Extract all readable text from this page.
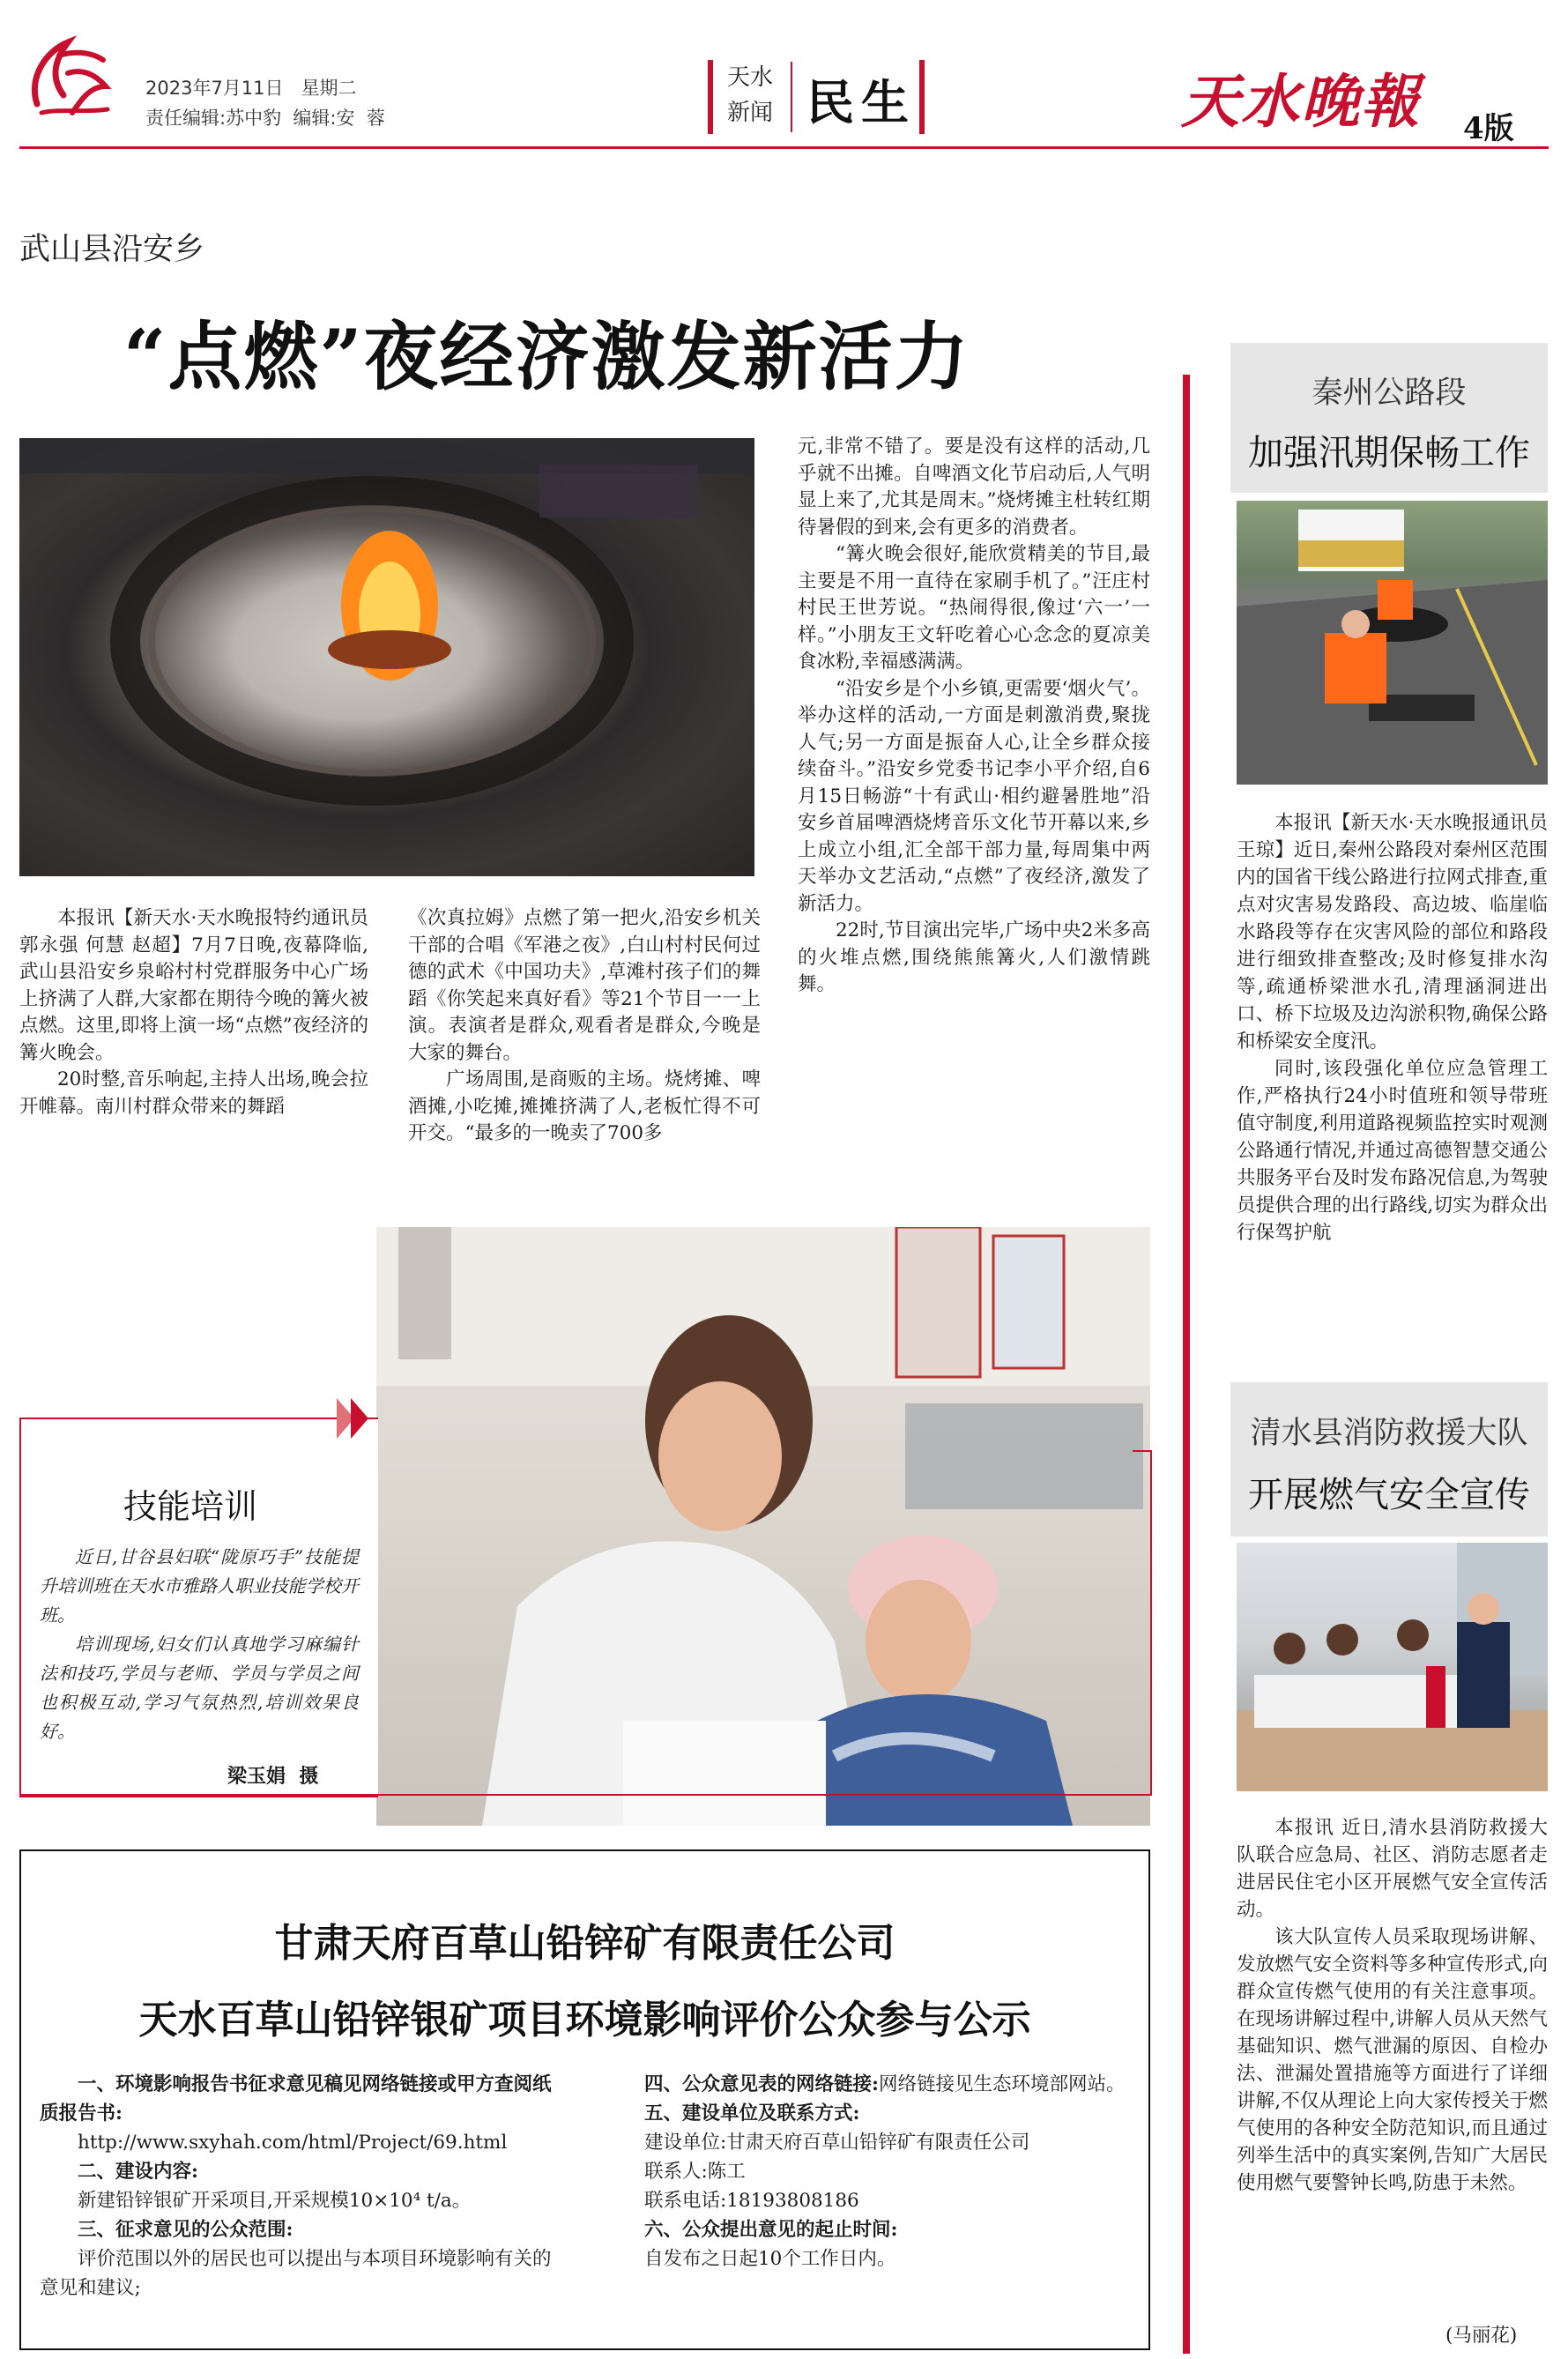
2023年7月11日 星期二
责任编辑:苏中豹  编辑:安  蓉
天水
新闻 民生	天水晚報 4版
武山县沿安乡
“点燃”夜经济激发新活力

本报讯【新天水·天水晚报特约通讯员郭永强 何慧 赵超】7月7日晚,夜幕降临,武山县沿安乡泉峪村村党群服务中心广场上挤满了人群,大家都在期待今晚的篝火被点燃。这里,即将上演一场“点燃”夜经济的篝火晚会。

20时整,音乐响起,主持人出场,晚会拉开帷幕。南川村群众带来的舞蹈

《次真拉姆》点燃了第一把火,沿安乡机关干部的合唱《军港之夜》,白山村村民何过德的武术《中国功夫》,草滩村孩子们的舞蹈《你笑起来真好看》等21个节目一一上演。表演者是群众,观看者是群众,今晚是大家的舞台。

广场周围,是商贩的主场。烧烤摊、啤酒摊,小吃摊,摊摊挤满了人,老板忙得不可开交。“最多的一晚卖了700多

元,非常不错了。要是没有这样的活动,几乎就不出摊。自啤酒文化节启动后,人气明显上来了,尤其是周末。”烧烤摊主杜转红期待暑假的到来,会有更多的消费者。

“篝火晚会很好,能欣赏精美的节目,最主要是不用一直待在家刷手机了。”汪庄村村民王世芳说。“热闹得很,像过‘六一’一样。”小朋友王文轩吃着心心念念的夏凉美食冰粉,幸福感满满。

“沿安乡是个小乡镇,更需要‘烟火气’。举办这样的活动,一方面是刺激消费,聚拢人气;另一方面是振奋人心,让全乡群众接续奋斗。”沿安乡党委书记李小平介绍,自6月15日畅游“十有武山·相约避暑胜地”沿安乡首届啤酒烧烤音乐文化节开幕以来,乡上成立小组,汇全部干部力量,每周集中两天举办文艺活动,“点燃”了夜经济,激发了新活力。

22时,节目演出完毕,广场中央2米多高的火堆点燃,围绕熊熊篝火,人们激情跳舞。

技能培训

近日,甘谷县妇联“陇原巧手”技能提升培训班在天水市雅路人职业技能学校开班。

培训现场,妇女们认真地学习麻编针法和技巧,学员与老师、学员与学员之间也积极互动,学习气氛热烈,培训效果良好。

梁玉娟  摄
甘肃天府百草山铅锌矿有限责任公司
天水百草山铅锌银矿项目环境影响评价公众参与公示
一、环境影响报告书征求意见稿见网络链接或甲方查阅纸质报告书:
http://www.sxyhah.com/html/Project/69.html
二、建设内容:
新建铅锌银矿开采项目,开采规模10×10⁴ t/a。
三、征求意见的公众范围:
评价范围以外的居民也可以提出与本项目环境影响有关的意见和建议;
四、公众意见表的网络链接:网络链接见生态环境部网站。
五、建设单位及联系方式:
建设单位:甘肃天府百草山铅锌矿有限责任公司
联系人:陈工
联系电话:18193808186
六、公众提出意见的起止时间:
自发布之日起10个工作日内。
秦州公路段
加强汛期保畅工作

本报讯【新天水·天水晚报通讯员王琼】近日,秦州公路段对秦州区范围内的国省干线公路进行拉网式排查,重点对灾害易发路段、高边坡、临崖临水路段等存在灾害风险的部位和路段进行细致排查整改;及时修复排水沟等,疏通桥梁泄水孔,清理涵洞进出口、桥下垃圾及边沟淤积物,确保公路和桥梁安全度汛。

同时,该段强化单位应急管理工作,严格执行24小时值班和领导带班值守制度,利用道路视频监控实时观测公路通行情况,并通过高德智慧交通公共服务平台及时发布路况信息,为驾驶员提供合理的出行路线,切实为群众出行保驾护航

清水县消防救援大队
开展燃气安全宣传

本报讯 近日,清水县消防救援大队联合应急局、社区、消防志愿者走进居民住宅小区开展燃气安全宣传活动。

该大队宣传人员采取现场讲解、发放燃气安全资料等多种宣传形式,向群众宣传燃气使用的有关注意事项。在现场讲解过程中,讲解人员从天然气基础知识、燃气泄漏的原因、自检办法、泄漏处置措施等方面进行了详细讲解,不仅从理论上向大家传授关于燃气使用的各种安全防范知识,而且通过列举生活中的真实案例,告知广大居民使用燃气要警钟长鸣,防患于未然。

(马丽花)
